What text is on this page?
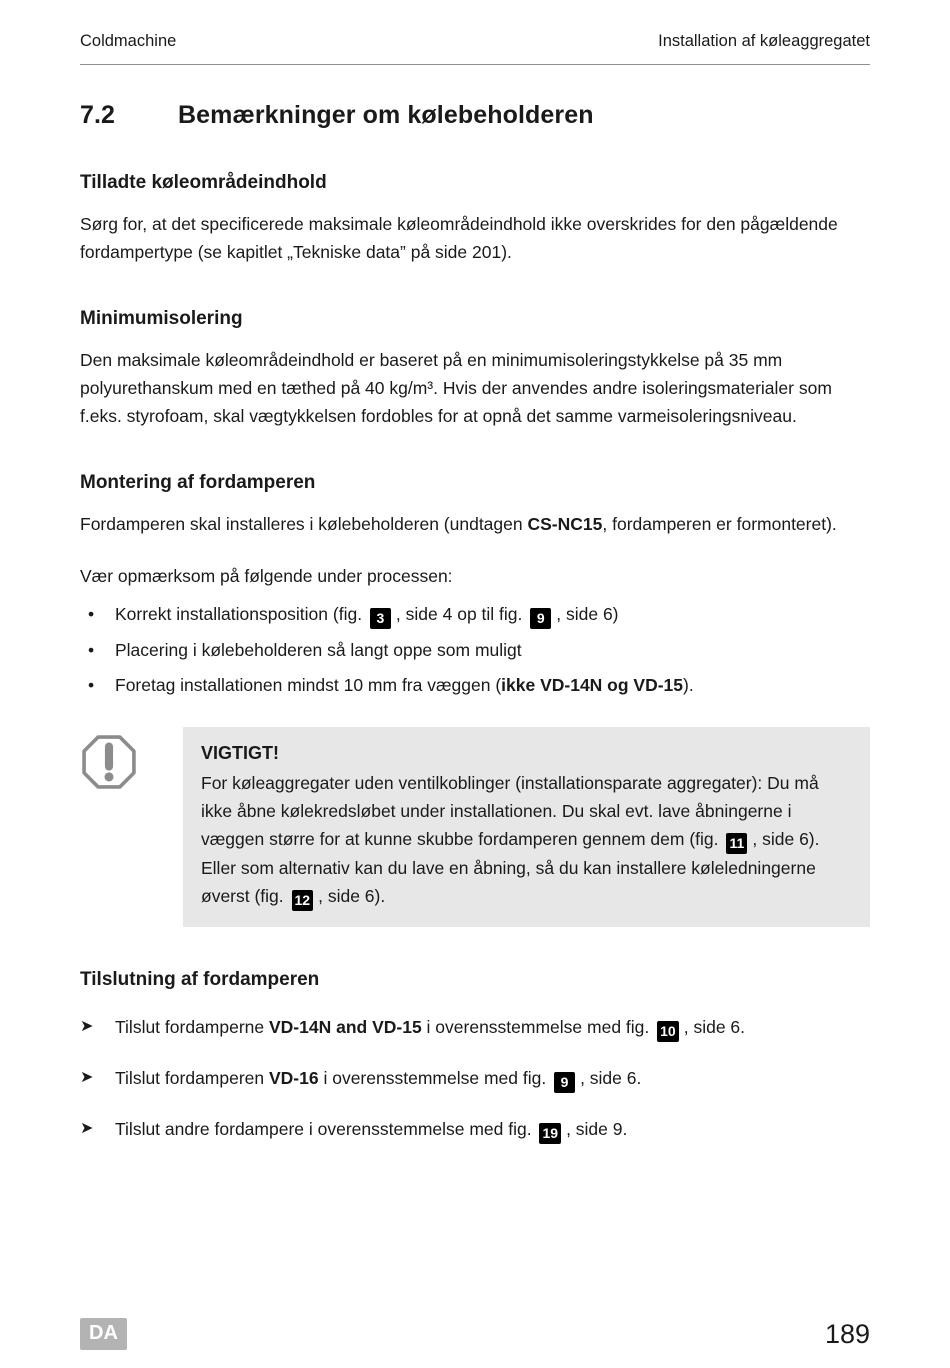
Coldmachine	Installation af køleaggregatet
7.2	Bemærkninger om kølebeholderen
Tilladte køleområdeindhold

Sørg for, at det specificerede maksimale køleområdeindhold ikke overskrides for den pågældende fordampertype (se kapitlet „Tekniske data” på side 201).

Minimumisolering

Den maksimale køleområdeindhold er baseret på en minimumisoleringstykkelse på 35 mm polyurethanskum med en tæthed på 40 kg/m³. Hvis der anvendes andre isoleringsmaterialer som f.eks. styrofoam, skal vægtykkelsen fordobles for at opnå det samme varmeisoleringsniveau.

Montering af fordamperen

Fordamperen skal installeres i kølebeholderen (undtagen CS-NC15, fordamperen er formonteret).

Vær opmærksom på følgende under processen:

•	Korrekt installationsposition (fig. 3 , side 4 op til fig. 9 , side 6)
•	Placering i kølebeholderen så langt oppe som muligt
•	Foretag installationen mindst 10 mm fra væggen (ikke VD-14N og VD-15).
VIGTIGT!
For køleaggregater uden ventilkoblinger (installationsparate aggregater): Du må ikke åbne kølekredsløbet under installationen. Du skal evt. lave åbningerne i væggen større for at kunne skubbe fordamperen gennem dem (fig. 11 , side 6). Eller som alternativ kan du lave en åbning, så du kan installere køleledningerne øverst (fig. 12 , side 6).
Tilslutning af fordamperen
➤	Tilslut fordamperne VD-14N and VD-15 i overensstemmelse med fig. 10 , side 6.
➤	Tilslut fordamperen VD-16 i overensstemmelse med fig. 9 , side 6.
➤	Tilslut andre fordampere i overensstemmelse med fig. 19 , side 9.
DA	189
